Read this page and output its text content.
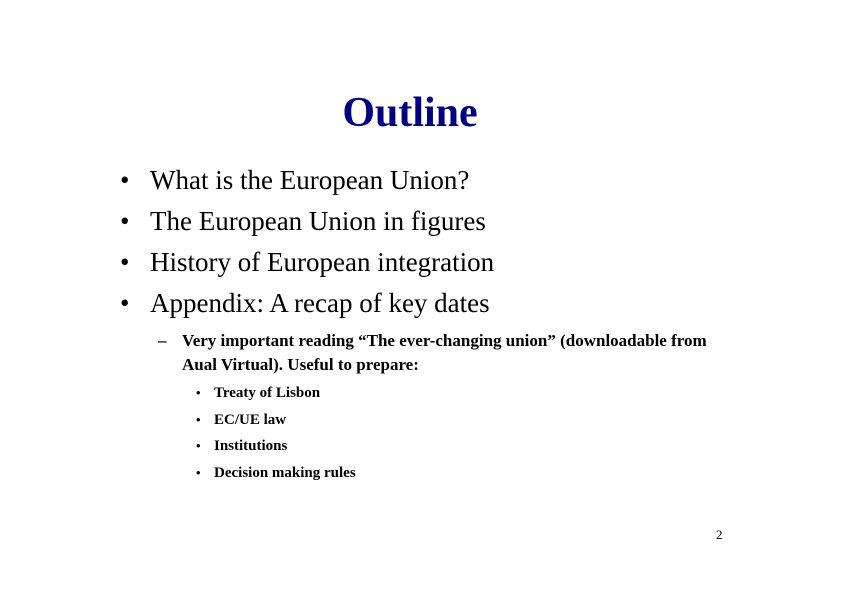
Outline
• What is the European Union?
• The European Union in figures
• History of European integration
• Appendix: A recap of key dates
– Very important reading “The ever-changing union” (downloadable from Aual Virtual). Useful to prepare:
• Treaty of Lisbon
• EC/UE law
• Institutions
• Decision making rules
2
